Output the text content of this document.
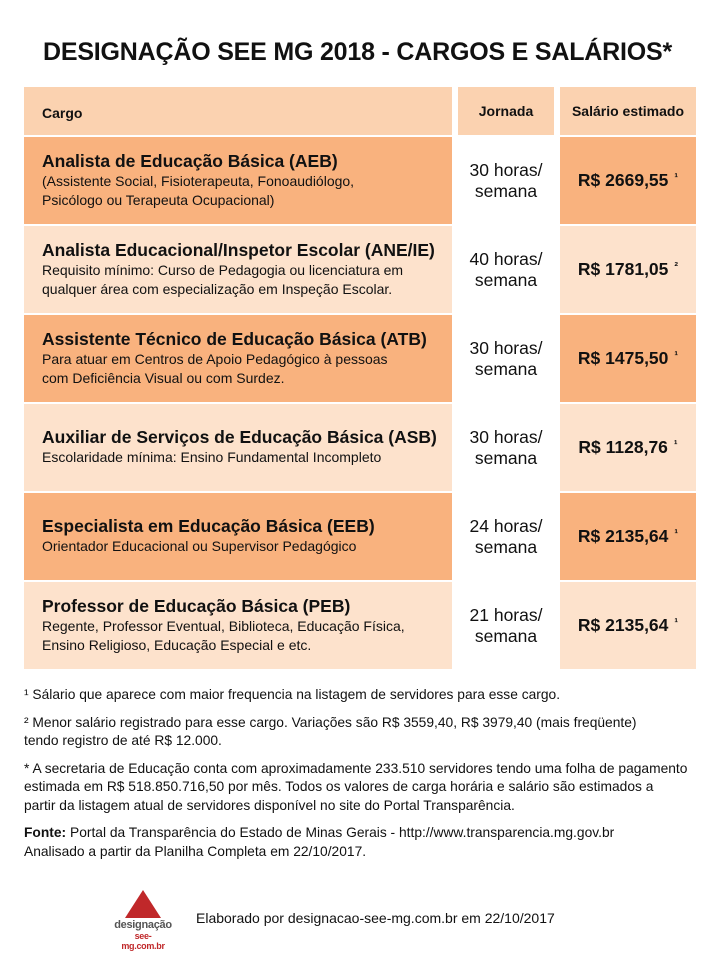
DESIGNAÇÃO SEE MG 2018 - CARGOS E SALÁRIOS*
Cargo	Jornada	Salário estimado
Analista de Educação Básica (AEB)
(Assistente Social, Fisioterapeuta, Fonoaudiólogo,
Psicólogo ou Terapeuta Ocupacional)
30 horas/
semana
R$ 2669,55 $^{^1}$
Analista Educacional/Inspetor Escolar (ANE/IE)
Requisito mínimo: Curso de Pedagogia ou licenciatura em
qualquer área com especialização em Inspeção Escolar.
40 horas/
semana
R$ 1781,05 $^{^2}$
Assistente Técnico de Educação Básica (ATB)
Para atuar em Centros de Apoio Pedagógico à pessoas
com Deficiência Visual ou com Surdez.
30 horas/
semana
R$ 1475,50 $^{^1}$
Auxiliar de Serviços de Educação Básica (ASB)
Escolaridade mínima: Ensino Fundamental Incompleto
30 horas/
semana
R$ 1128,76 $^{^1}$
Especialista em Educação Básica (EEB)
Orientador Educacional ou Supervisor Pedagógico
24 horas/
semana
R$ 2135,64 $^{^1}$
Professor de Educação Básica (PEB)
Regente, Professor Eventual, Biblioteca, Educação Física,
Ensino Religioso, Educação Especial e etc.
21 horas/
semana
R$ 2135,64 $^{^1}$

¹ Sálario que aparece com maior frequencia na listagem de servidores para esse cargo.

² Menor salário registrado para esse cargo. Variações são R$ 3559,40, R$ 3979,40 (mais freqüente)
tendo registro de até R$ 12.000.

* A secretaria de Educação conta com aproximadamente 233.510 servidores tendo uma folha de pagamento
estimada em R$ 518.850.716,50 por mês. Todos os valores de carga horária e salário são estimados a
partir da listagem atual de servidores disponível no site do Portal Transparência.

Fonte: Portal da Transparência do Estado de Minas Gerais - http://www.transparencia.mg.gov.br
Analisado a partir da Planilha Completa em 22/10/2017.

designação
see-mg.com.br
Elaborado por designacao-see-mg.com.br em 22/10/2017
